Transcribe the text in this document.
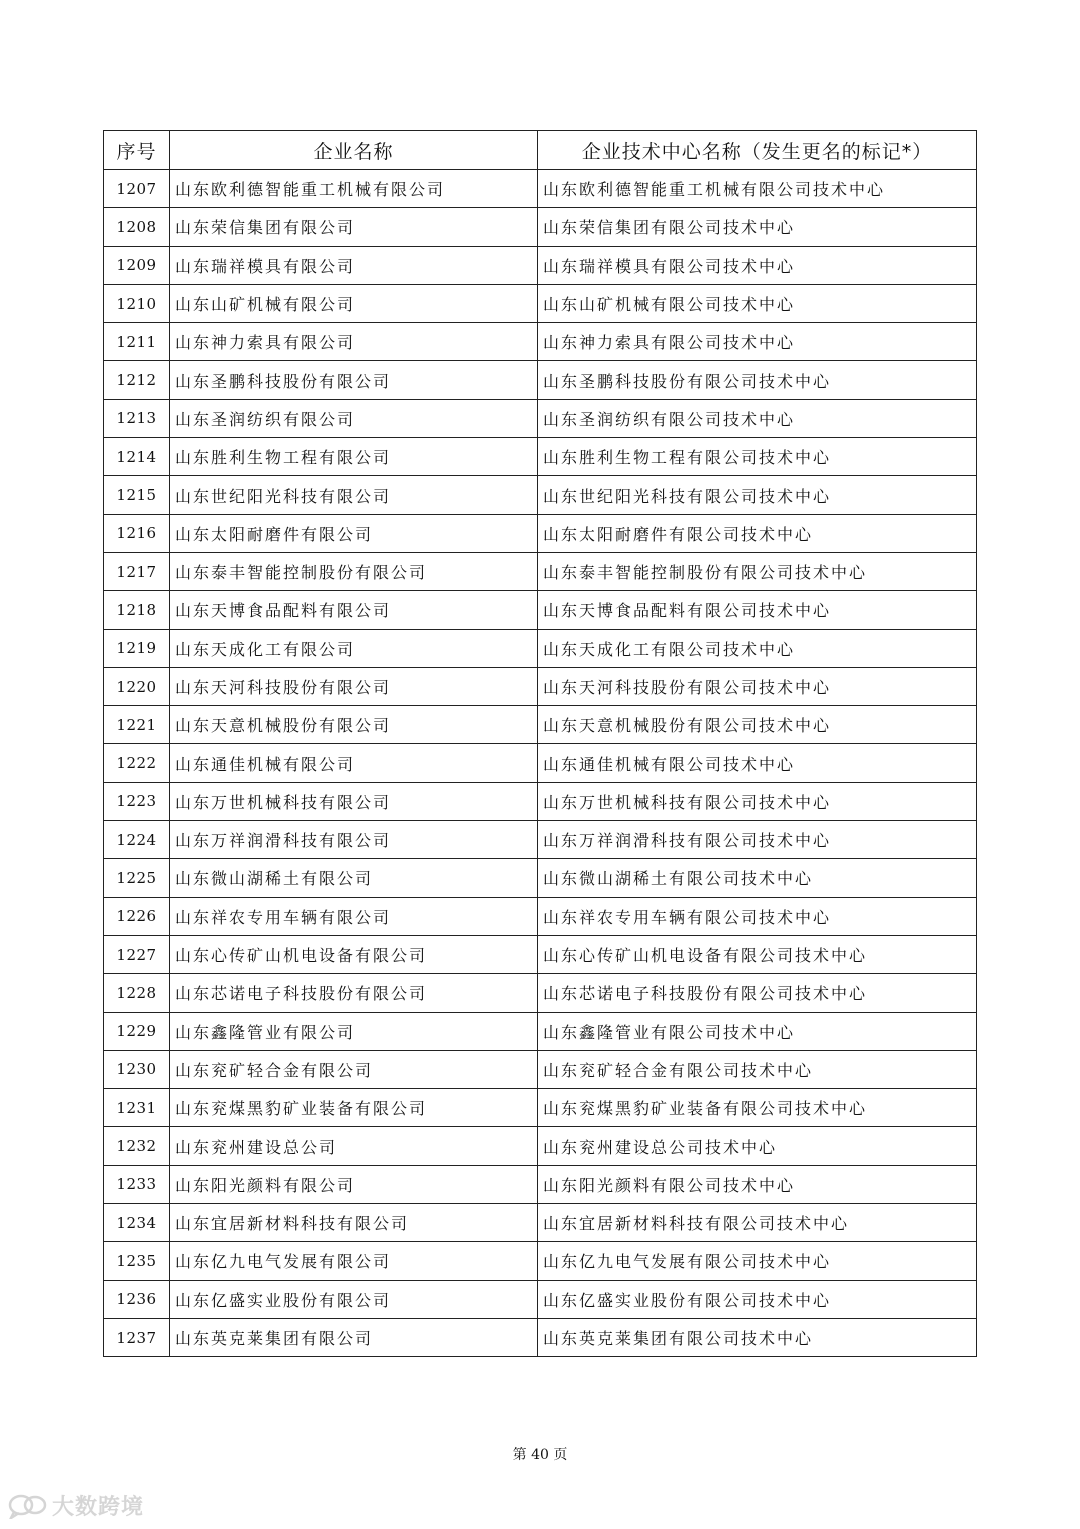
序号	企业名称	企业技术中心名称（发生更名的标记*）
1207	山东欧利德智能重工机械有限公司	山东欧利德智能重工机械有限公司技术中心
1208	山东荣信集团有限公司	山东荣信集团有限公司技术中心
1209	山东瑞祥模具有限公司	山东瑞祥模具有限公司技术中心
1210	山东山矿机械有限公司	山东山矿机械有限公司技术中心
1211	山东神力索具有限公司	山东神力索具有限公司技术中心
1212	山东圣鹏科技股份有限公司	山东圣鹏科技股份有限公司技术中心
1213	山东圣润纺织有限公司	山东圣润纺织有限公司技术中心
1214	山东胜利生物工程有限公司	山东胜利生物工程有限公司技术中心
1215	山东世纪阳光科技有限公司	山东世纪阳光科技有限公司技术中心
1216	山东太阳耐磨件有限公司	山东太阳耐磨件有限公司技术中心
1217	山东泰丰智能控制股份有限公司	山东泰丰智能控制股份有限公司技术中心
1218	山东天博食品配料有限公司	山东天博食品配料有限公司技术中心
1219	山东天成化工有限公司	山东天成化工有限公司技术中心
1220	山东天河科技股份有限公司	山东天河科技股份有限公司技术中心
1221	山东天意机械股份有限公司	山东天意机械股份有限公司技术中心
1222	山东通佳机械有限公司	山东通佳机械有限公司技术中心
1223	山东万世机械科技有限公司	山东万世机械科技有限公司技术中心
1224	山东万祥润滑科技有限公司	山东万祥润滑科技有限公司技术中心
1225	山东微山湖稀土有限公司	山东微山湖稀土有限公司技术中心
1226	山东祥农专用车辆有限公司	山东祥农专用车辆有限公司技术中心
1227	山东心传矿山机电设备有限公司	山东心传矿山机电设备有限公司技术中心
1228	山东芯诺电子科技股份有限公司	山东芯诺电子科技股份有限公司技术中心
1229	山东鑫隆管业有限公司	山东鑫隆管业有限公司技术中心
1230	山东兖矿轻合金有限公司	山东兖矿轻合金有限公司技术中心
1231	山东兖煤黑豹矿业装备有限公司	山东兖煤黑豹矿业装备有限公司技术中心
1232	山东兖州建设总公司	山东兖州建设总公司技术中心
1233	山东阳光颜料有限公司	山东阳光颜料有限公司技术中心
1234	山东宜居新材料科技有限公司	山东宜居新材料科技有限公司技术中心
1235	山东亿九电气发展有限公司	山东亿九电气发展有限公司技术中心
1236	山东亿盛实业股份有限公司	山东亿盛实业股份有限公司技术中心
1237	山东英克莱集团有限公司	山东英克莱集团有限公司技术中心
第 40 页
大数跨境
